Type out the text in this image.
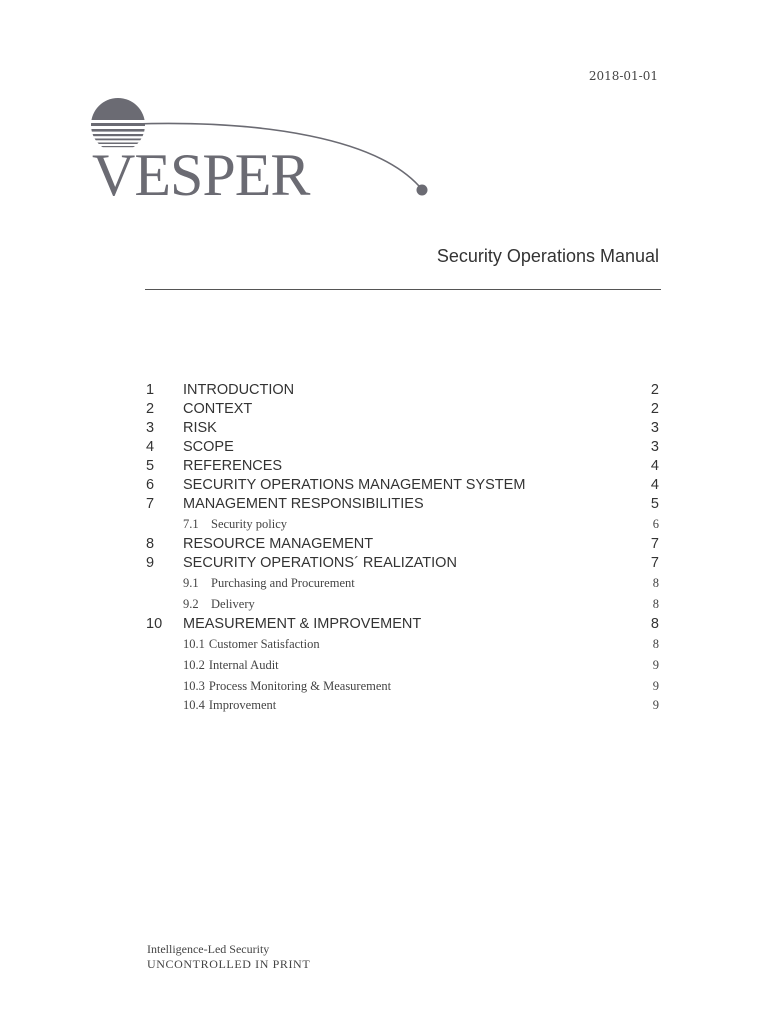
2018-01-01
VESPER
Security Operations Manual
1	INTRODUCTION	2
2	CONTEXT	2
3	RISK	3
4	SCOPE	3
5	REFERENCES	4
6	SECURITY OPERATIONS MANAGEMENT SYSTEM	4
7	MANAGEMENT RESPONSIBILITIES	5
7.1 Security policy	6
8	RESOURCE MANAGEMENT	7
9	SECURITY OPERATIONS´ REALIZATION	7
9.1 Purchasing and Procurement	8
9.2 Delivery	8
10	MEASUREMENT & IMPROVEMENT	8
10.1 Customer Satisfaction	8
10.2 Internal Audit	9
10.3 Process Monitoring & Measurement	9
10.4 Improvement	9
Intelligence-Led Security
UNCONTROLLED IN PRINT
